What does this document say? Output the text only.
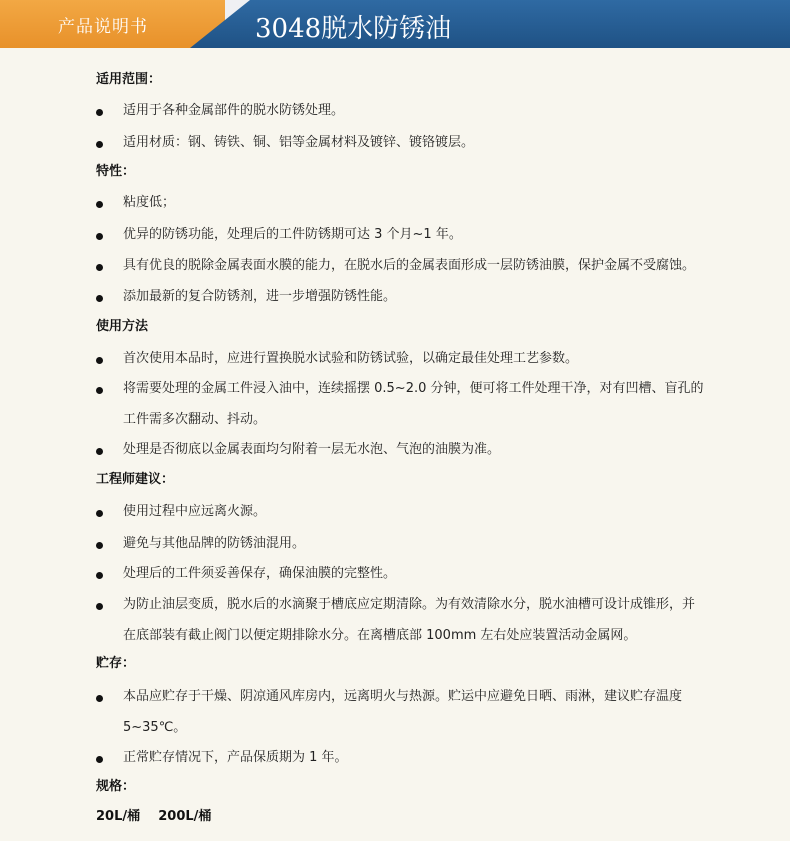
产品说明书	3048脱水防锈油
适用范围：
适用于各种金属部件的脱水防锈处理。
适用材质：钢、铸铁、铜、铝等金属材料及镀锌、镀铬镀层。
特性：
粘度低；
优异的防锈功能，处理后的工件防锈期可达 3 个月~1 年。
具有优良的脱除金属表面水膜的能力，在脱水后的金属表面形成一层防锈油膜，保护金属不受腐蚀。
添加最新的复合防锈剂，进一步增强防锈性能。
使用方法
首次使用本品时，应进行置换脱水试验和防锈试验，以确定最佳处理工艺参数。
将需要处理的金属工件浸入油中，连续摇摆 0.5~2.0 分钟，便可将工件处理干净，对有凹槽、盲孔的
工件需多次翻动、抖动。
处理是否彻底以金属表面均匀附着一层无水泡、气泡的油膜为准。
工程师建议：
使用过程中应远离火源。
避免与其他品牌的防锈油混用。
处理后的工件须妥善保存，确保油膜的完整性。
为防止油层变质，脱水后的水滴聚于槽底应定期清除。为有效清除水分，脱水油槽可设计成锥形，并
在底部装有截止阀门以便定期排除水分。在离槽底部 100mm 左右处应装置活动金属网。
贮存：
本品应贮存于干燥、阴凉通风库房内，远离明火与热源。贮运中应避免日晒、雨淋，建议贮存温度
5~35℃。
正常贮存情况下，产品保质期为 1 年。
规格：
20L/桶    200L/桶
